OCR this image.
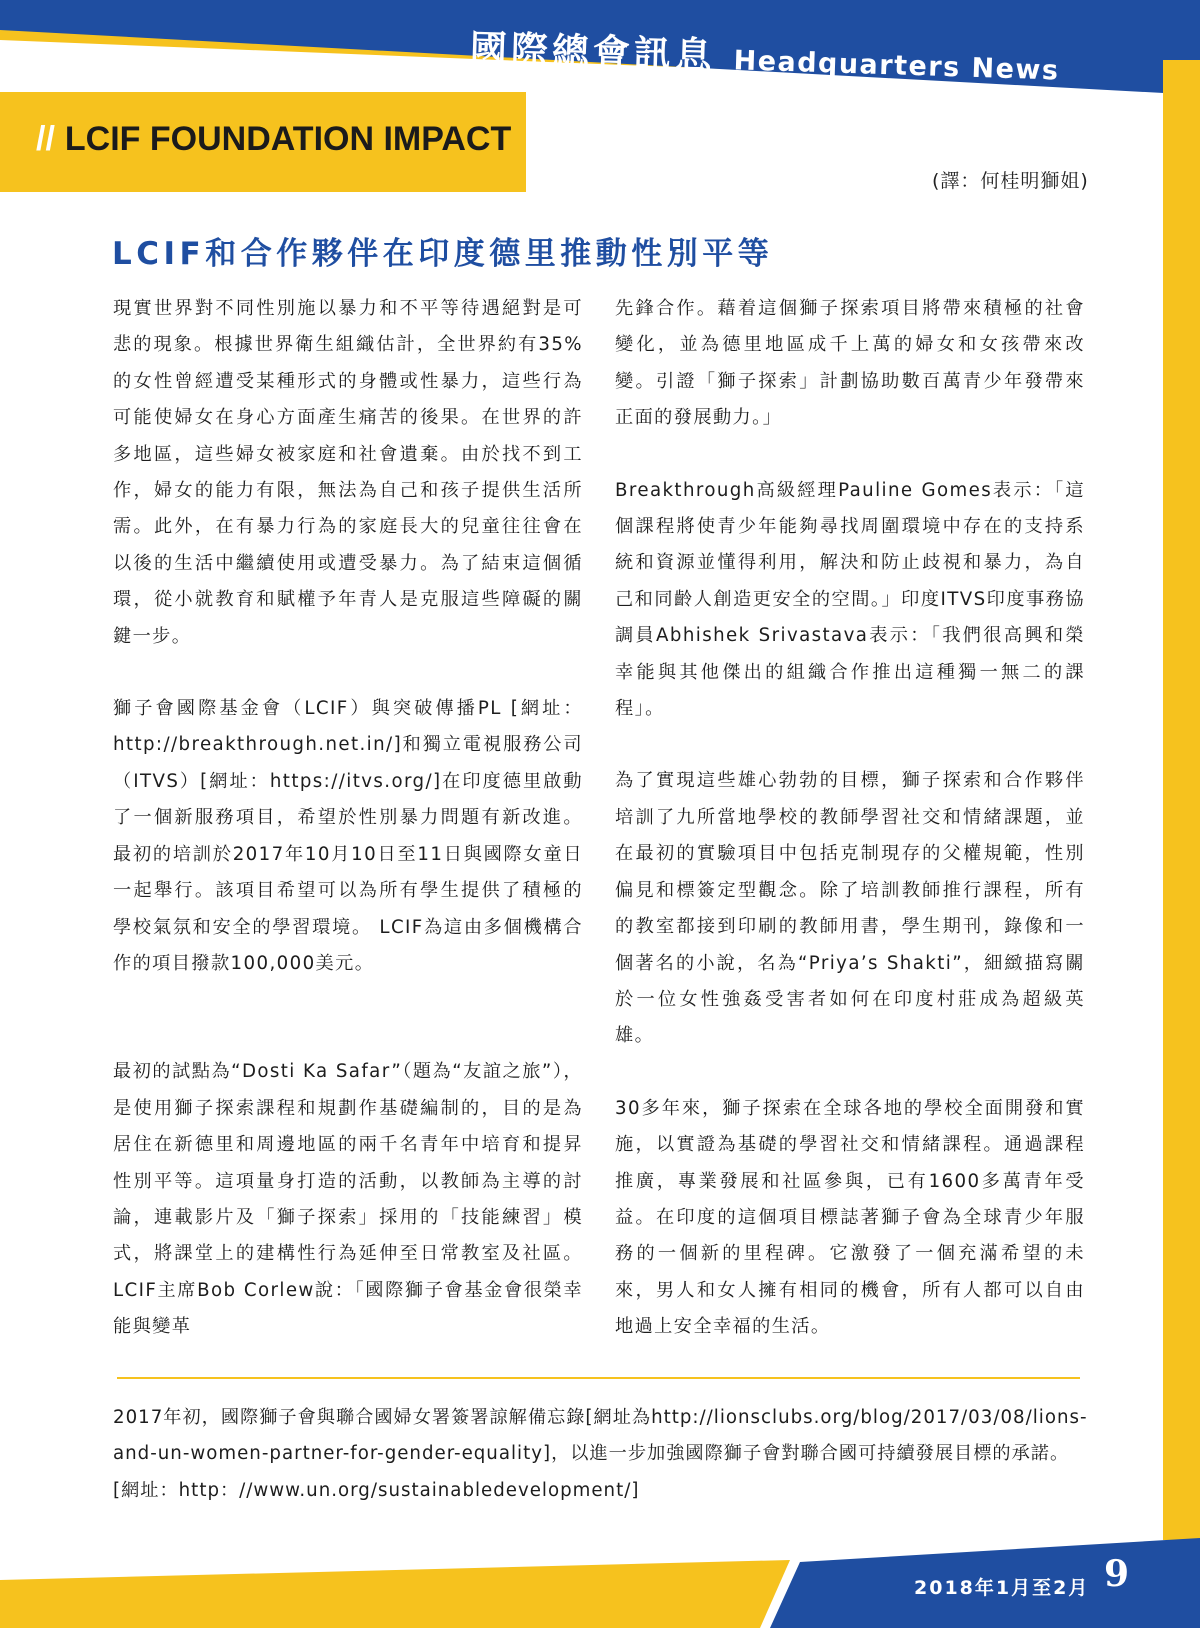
國際總會訊息 Headquarters News
// LCIF FOUNDATION IMPACT
(譯：何桂明獅姐)
LCIF和合作夥伴在印度德里推動性別平等

現實世界對不同性別施以暴力和不平等待遇絕對是可悲的現象。根據世界衛生組織估計，全世界約有35%的女性曾經遭受某種形式的身體或性暴力，這些行為可能使婦女在身心方面產生痛苦的後果。在世界的許多地區，這些婦女被家庭和社會遺棄。由於找不到工作，婦女的能力有限，無法為自己和孩子提供生活所需。此外，在有暴力行為的家庭長大的兒童往往會在以後的生活中繼續使用或遭受暴力。為了結束這個循環，從小就教育和賦權予年青人是克服這些障礙的關鍵一步。

獅子會國際基金會（LCIF）與突破傳播PL [網址：http://breakthrough.net.in/]和獨立電視服務公司（ITVS）[網址：https://itvs.org/]在印度德里啟動了一個新服務項目，希望於性別暴力問題有新改進。最初的培訓於2017年10月10日至11日與國際女童日一起舉行。該項目希望可以為所有學生提供了積極的學校氣氛和安全的學習環境。 LCIF為這由多個機構合作的項目撥款100,000美元。

最初的試點為“Dosti Ka Safar”（題為“友誼之旅”），是使用獅子探索課程和規劃作基礎編制的，目的是為居住在新德里和周邊地區的兩千名青年中培育和提昇性別平等。這項量身打造的活動，以教師為主導的討論，連載影片及「獅子探索」採用的「技能練習」模式，將課堂上的建構性行為延伸至日常教室及社區。LCIF主席Bob Corlew說：「國際獅子會基金會很榮幸能與變革

先鋒合作。藉着這個獅子探索項目將帶來積極的社會變化，並為德里地區成千上萬的婦女和女孩帶來改變。引證「獅子探索」計劃協助數百萬青少年發帶來正面的發展動力。」

Breakthrough高級經理Pauline Gomes表示：「這個課程將使青少年能夠尋找周圍環境中存在的支持系統和資源並懂得利用，解決和防止歧視和暴力，為自己和同齡人創造更安全的空間。」印度ITVS印度事務協調員Abhishek Srivastava表示：「我們很高興和榮幸能與其他傑出的組織合作推出這種獨一無二的課程」。

為了實現這些雄心勃勃的目標，獅子探索和合作夥伴培訓了九所當地學校的教師學習社交和情緒課題，並在最初的實驗項目中包括克制現存的父權規範，性別偏見和標簽定型觀念。除了培訓教師推行課程，所有的教室都接到印刷的教師用書，學生期刊，錄像和一個著名的小說，名為“Priya’s Shakti”，細緻描寫關於一位女性強姦受害者如何在印度村莊成為超級英雄。

30多年來，獅子探索在全球各地的學校全面開發和實施，以實證為基礎的學習社交和情緒課程。通過課程推廣，專業發展和社區參與，已有1600多萬青年受益。在印度的這個項目標誌著獅子會為全球青少年服務的一個新的里程碑。它激發了一個充滿希望的未來，男人和女人擁有相同的機會，所有人都可以自由地過上安全幸福的生活。

2017年初，國際獅子會與聯合國婦女署簽署諒解備忘錄[網址為http://lionsclubs.org/blog/2017/03/08/lions-and-un-women-partner-for-gender-equality]，以進一步加強國際獅子會對聯合國可持續發展目標的承諾。[網址：http：//www.un.org/sustainabledevelopment/]

2018年1月至2月 9
